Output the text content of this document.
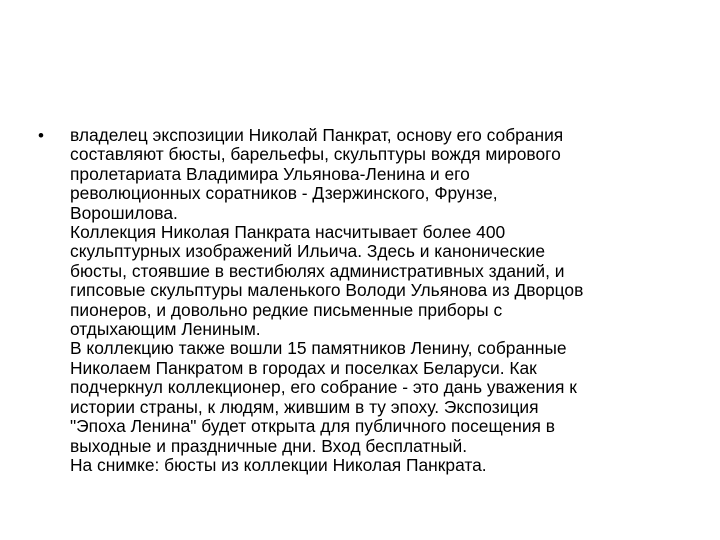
•	владелец экспозиции Николай Панкрат, основу его собрания
составляют бюсты, барельефы, скульптуры вождя мирового
пролетариата Владимира Ульянова-Ленина и его
революционных соратников - Дзержинского, Фрунзе,
Ворошилова.
Коллекция Николая Панкрата насчитывает более 400
скульптурных изображений Ильича. Здесь и канонические
бюсты, стоявшие в вестибюлях административных зданий, и
гипсовые скульптуры маленького Володи Ульянова из Дворцов
пионеров, и довольно редкие письменные приборы с
отдыхающим Лениным.
В коллекцию также вошли 15 памятников Ленину, собранные
Николаем Панкратом в городах и поселках Беларуси. Как
подчеркнул коллекционер, его собрание - это дань уважения к
истории страны, к людям, жившим в ту эпоху. Экспозиция
"Эпоха Ленина" будет открыта для публичного посещения в
выходные и праздничные дни. Вход бесплатный.
На снимке: бюсты из коллекции Николая Панкрата.
